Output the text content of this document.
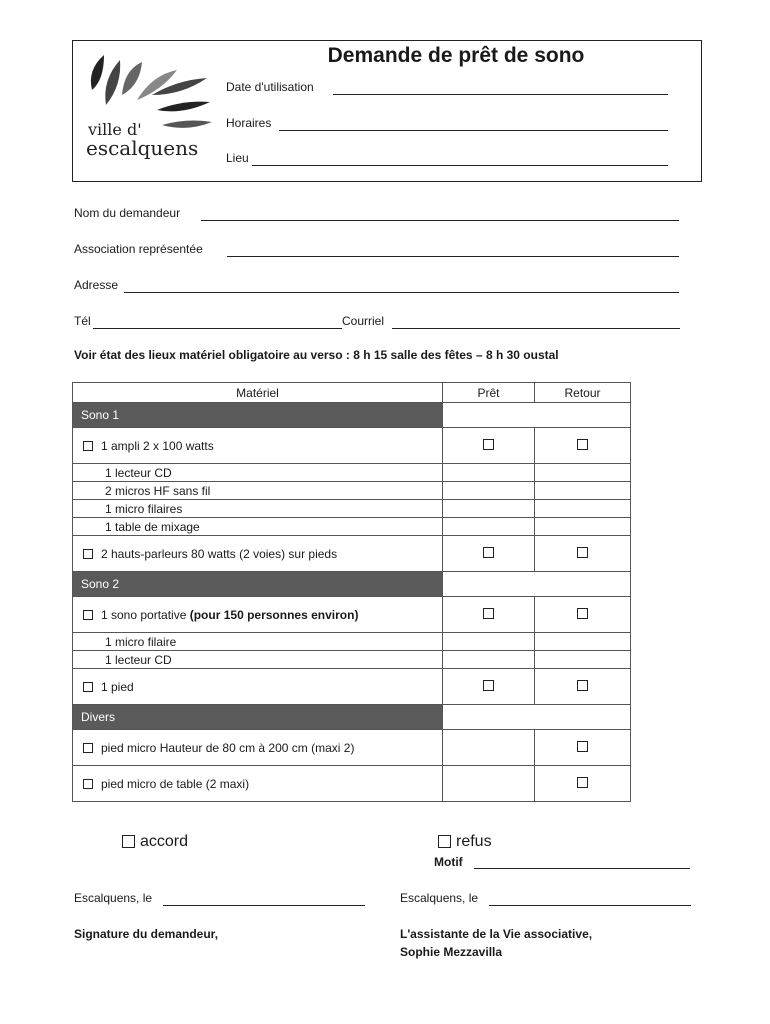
ville d'
escalquens
Demande de prêt de sono
Date d'utilisation
Horaires
Lieu
Nom du demandeur
Association représentée
Adresse
Tél	Courriel
Voir état des lieux matériel obligatoire au verso : 8 h 15 salle des fêtes – 8 h 30 oustal
Matériel	Prêt	Retour
Sono 1		
1 ampli 2 x 100 watts		
1 lecteur CD		
2 micros HF sans fil		
1 micro filaires		
1 table de mixage		
2 hauts-parleurs 80 watts (2 voies) sur pieds		
Sono 2		
1 sono portative (pour 150 personnes environ)		
1 micro filaire		
1 lecteur CD		
1 pied		
Divers		
pied micro Hauteur de 80 cm à 200 cm (maxi 2)		
pied micro de table (2 maxi)		
accord	refus
Motif
Escalquens, le	Escalquens, le
Signature du demandeur,	L'assistante de la Vie associative,
Sophie Mezzavilla
